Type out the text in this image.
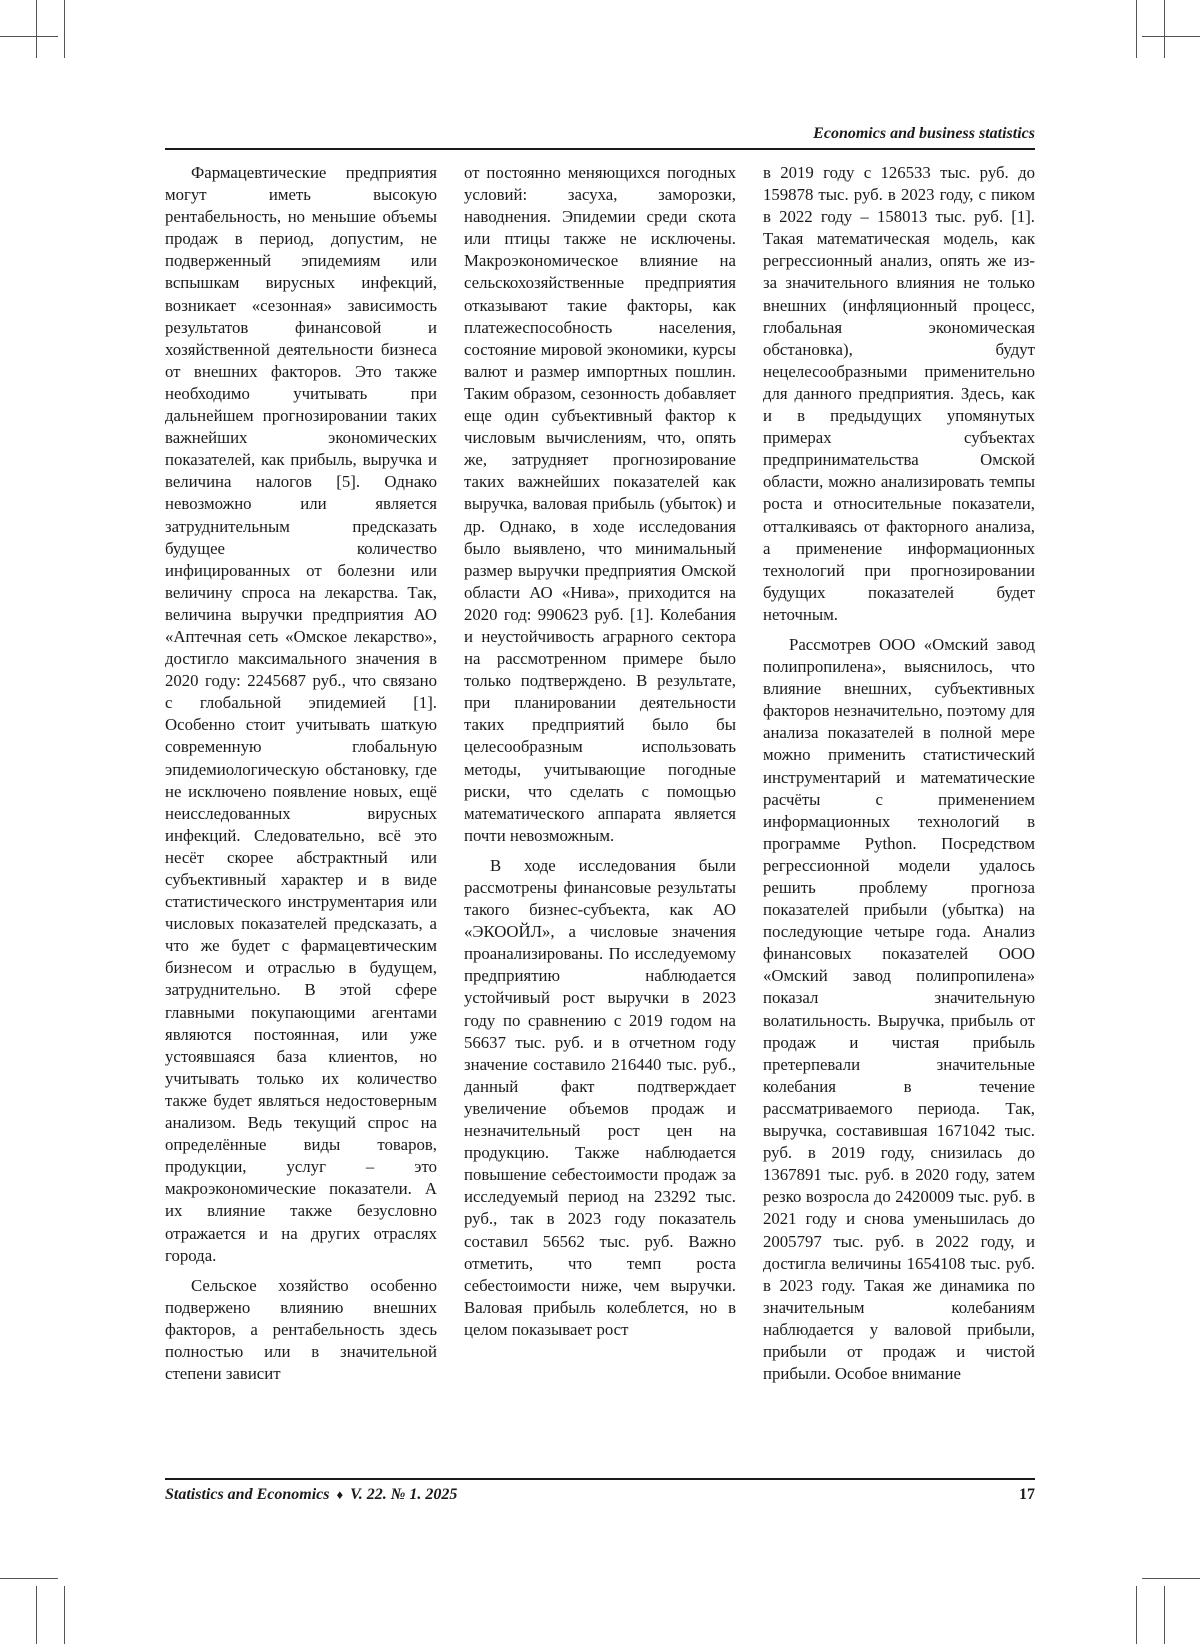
Economics and business statistics

Фармацевтические предприятия могут иметь высокую рентабельность, но меньшие объемы продаж в период, допустим, не подверженный эпидемиям или вспышкам вирусных инфекций, возникает «сезонная» зависимость результатов финансовой и хозяйственной деятельности бизнеса от внешних факторов. Это также необходимо учитывать при дальнейшем прогнозировании таких важнейших экономических показателей, как прибыль, выручка и величина налогов [5]. Однако невозможно или является затруднительным предсказать будущее количество инфицированных от болезни или величину спроса на лекарства. Так, величина выручки предприятия АО «Аптечная сеть «Омское лекарство», достигло максимального значения в 2020 году: 2245687 руб., что связано с глобальной эпидемией [1]. Особенно стоит учитывать шаткую современную глобальную эпидемиологическую обстановку, где не исключено появление новых, ещё неисследованных вирусных инфекций. Следовательно, всё это несёт скорее абстрактный или субъективный характер и в виде статистического инструментария или числовых показателей предсказать, а что же будет с фармацевтическим бизнесом и отраслью в будущем, затруднительно. В этой сфере главными покупающими агентами являются постоянная, или уже устоявшаяся база клиентов, но учитывать только их количество также будет являться недостоверным анализом. Ведь текущий спрос на определённые виды товаров, продукции, услуг – это макроэкономические показатели. А их влияние также безусловно отражается и на других отраслях города.

Сельское хозяйство особенно подвержено влиянию внешних факторов, а рентабельность здесь полностью или в значительной степени зависит

от постоянно меняющихся погодных условий: засуха, заморозки, наводнения. Эпидемии среди скота или птицы также не исключены. Макроэкономическое влияние на сельскохозяйственные предприятия отказывают такие факторы, как платежеспособность населения, состояние мировой экономики, курсы валют и размер импортных пошлин. Таким образом, сезонность добавляет еще один субъективный фактор к числовым вычислениям, что, опять же, затрудняет прогнозирование таких важнейших показателей как выручка, валовая прибыль (убыток) и др. Однако, в ходе исследования было выявлено, что минимальный размер выручки предприятия Омской области АО «Нива», приходится на 2020 год: 990623 руб. [1]. Колебания и неустойчивость аграрного сектора на рассмотренном примере было только подтверждено. В результате, при планировании деятельности таких предприятий было бы целесообразным использовать методы, учитывающие погодные риски, что сделать с помощью математического аппарата является почти невозможным.

В ходе исследования были рассмотрены финансовые результаты такого бизнес-субъекта, как АО «ЭКООЙЛ», а числовые значения проанализированы. По исследуемому предприятию наблюдается устойчивый рост выручки в 2023 году по сравнению с 2019 годом на 56637 тыс. руб. и в отчетном году значение составило 216440 тыс. руб., данный факт подтверждает увеличение объемов продаж и незначительный рост цен на продукцию. Также наблюдается повышение себестоимости продаж за исследуемый период на 23292 тыс. руб., так в 2023 году показатель составил 56562 тыс. руб. Важно отметить, что темп роста себестоимости ниже, чем выручки. Валовая прибыль колеблется, но в целом показывает рост

в 2019 году с 126533 тыс. руб. до 159878 тыс. руб. в 2023 году, с пиком в 2022 году – 158013 тыс. руб. [1]. Такая математическая модель, как регрессионный анализ, опять же из-за значительного влияния не только внешних (инфляционный процесс, глобальная экономическая обстановка), будут нецелесообразными применительно для данного предприятия. Здесь, как и в предыдущих упомянутых примерах субъектах предпринимательства Омской области, можно анализировать темпы роста и относительные показатели, отталкиваясь от факторного анализа, а применение информационных технологий при прогнозировании будущих показателей будет неточным.

Рассмотрев ООО «Омский завод полипропилена», выяснилось, что влияние внешних, субъективных факторов незначительно, поэтому для анализа показателей в полной мере можно применить статистический инструментарий и математические расчёты с применением информационных технологий в программе Python. Посредством регрессионной модели удалось решить проблему прогноза показателей прибыли (убытка) на последующие четыре года. Анализ финансовых показателей ООО «Омский завод полипропилена» показал значительную волатильность. Выручка, прибыль от продаж и чистая прибыль претерпевали значительные колебания в течение рассматриваемого периода. Так, выручка, составившая 1671042 тыс. руб. в 2019 году, снизилась до 1367891 тыс. руб. в 2020 году, затем резко возросла до 2420009 тыс. руб. в 2021 году и снова уменьшилась до 2005797 тыс. руб. в 2022 году, и достигла величины 1654108 тыс. руб. в 2023 году. Такая же динамика по значительным колебаниям наблюдается у валовой прибыли, прибыли от продаж и чистой прибыли. Особое внимание

Statistics and Economics ♦ V. 22. № 1. 2025	17
